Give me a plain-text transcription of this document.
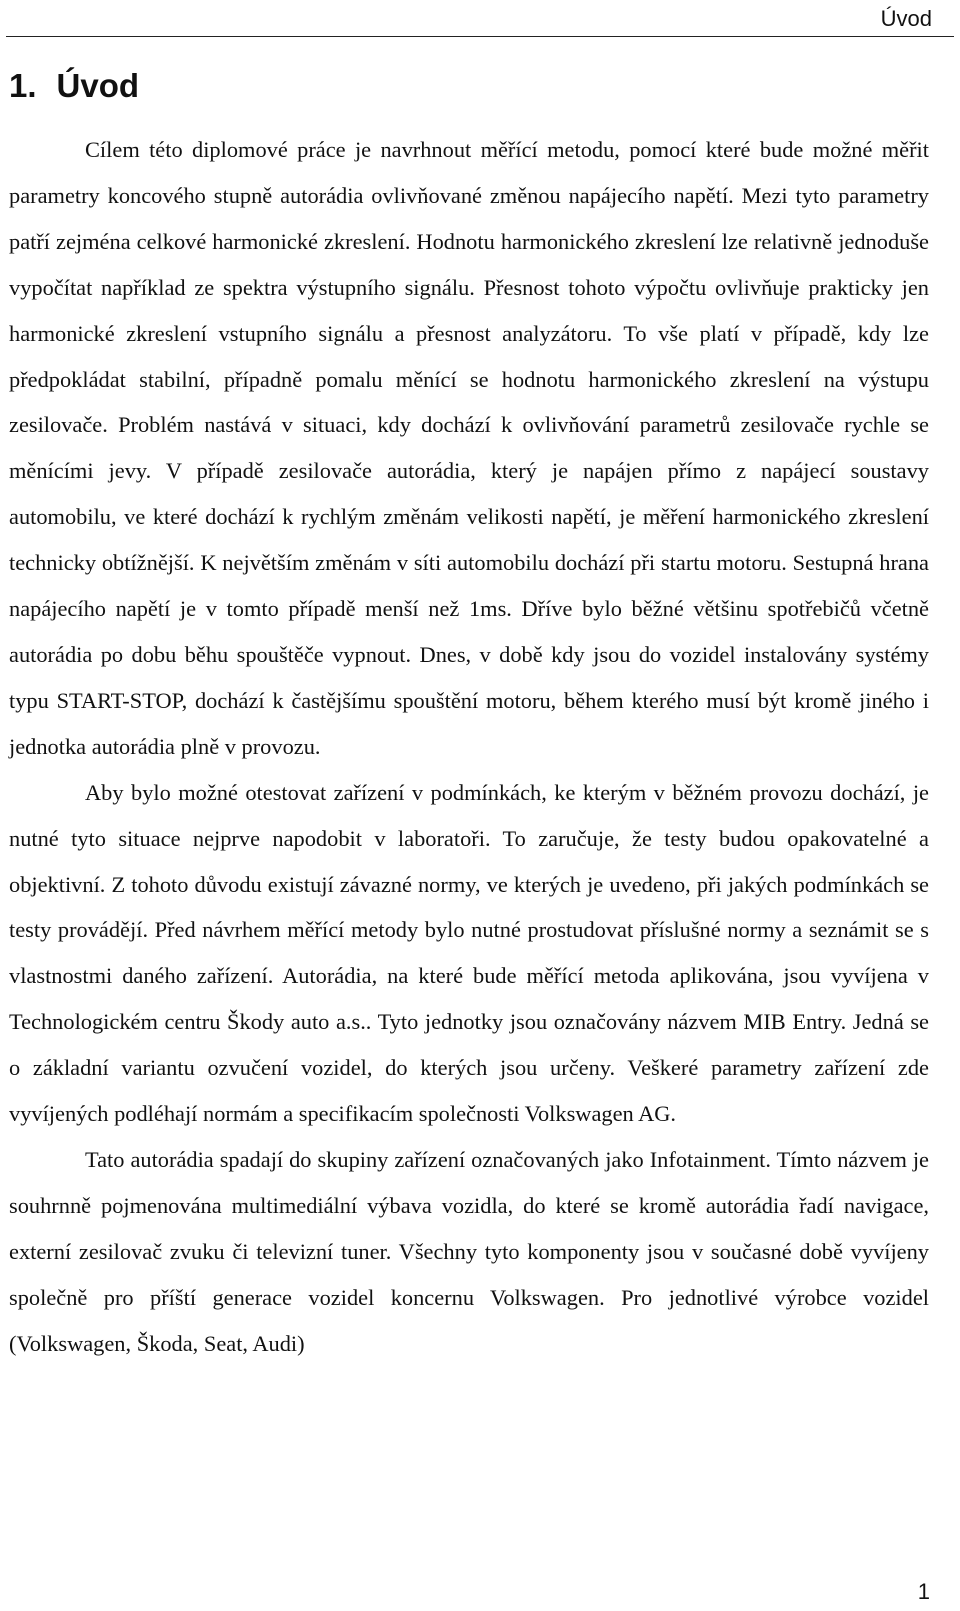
Úvod
1. Úvod

Cílem této diplomové práce je navrhnout měřící metodu, pomocí které bude možné měřit parametry koncového stupně autorádia ovlivňované změnou napájecího napětí. Mezi tyto parametry patří zejména celkové harmonické zkreslení. Hodnotu harmonického zkreslení lze relativně jednoduše vypočítat například ze spektra výstupního signálu. Přesnost tohoto výpočtu ovlivňuje prakticky jen harmonické zkreslení vstupního signálu a přesnost analyzátoru. To vše platí v případě, kdy lze předpokládat stabilní, případně pomalu měnící se hodnotu harmonického zkreslení na výstupu zesilovače. Problém nastává v situaci, kdy dochází k ovlivňování parametrů zesilovače rychle se měnícími jevy. V případě zesilovače autorádia, který je napájen přímo z napájecí soustavy automobilu, ve které dochází k rychlým změnám velikosti napětí, je měření harmonického zkreslení technicky obtížnější. K největším změnám v síti automobilu dochází při startu motoru. Sestupná hrana napájecího napětí je v tomto případě menší než 1ms. Dříve bylo běžné většinu spotřebičů včetně autorádia po dobu běhu spouštěče vypnout. Dnes, v době kdy jsou do vozidel instalovány systémy typu START-STOP, dochází k častějšímu spouštění motoru, během kterého musí být kromě jiného i jednotka autorádia plně v provozu.

Aby bylo možné otestovat zařízení v podmínkách, ke kterým v běžném provozu dochází, je nutné tyto situace nejprve napodobit v laboratoři. To zaručuje, že testy budou opakovatelné a objektivní. Z tohoto důvodu existují závazné normy, ve kterých je uvedeno, při jakých podmínkách se testy provádějí. Před návrhem měřící metody bylo nutné prostudovat příslušné normy a seznámit se s vlastnostmi daného zařízení. Autorádia, na které bude měřící metoda aplikována, jsou vyvíjena v Technologickém centru Škody auto a.s.. Tyto jednotky jsou označovány názvem MIB Entry. Jedná se o základní variantu ozvučení vozidel, do kterých jsou určeny. Veškeré parametry zařízení zde vyvíjených podléhají normám a specifikacím společnosti Volkswagen AG.

Tato autorádia spadají do skupiny zařízení označovaných jako Infotainment. Tímto názvem je souhrnně pojmenována multimediální výbava vozidla, do které se kromě autorádia řadí navigace, externí zesilovač zvuku či televizní tuner. Všechny tyto komponenty jsou v současné době vyvíjeny společně pro příští generace vozidel koncernu Volkswagen. Pro jednotlivé výrobce vozidel (Volkswagen, Škoda, Seat, Audi)

1
